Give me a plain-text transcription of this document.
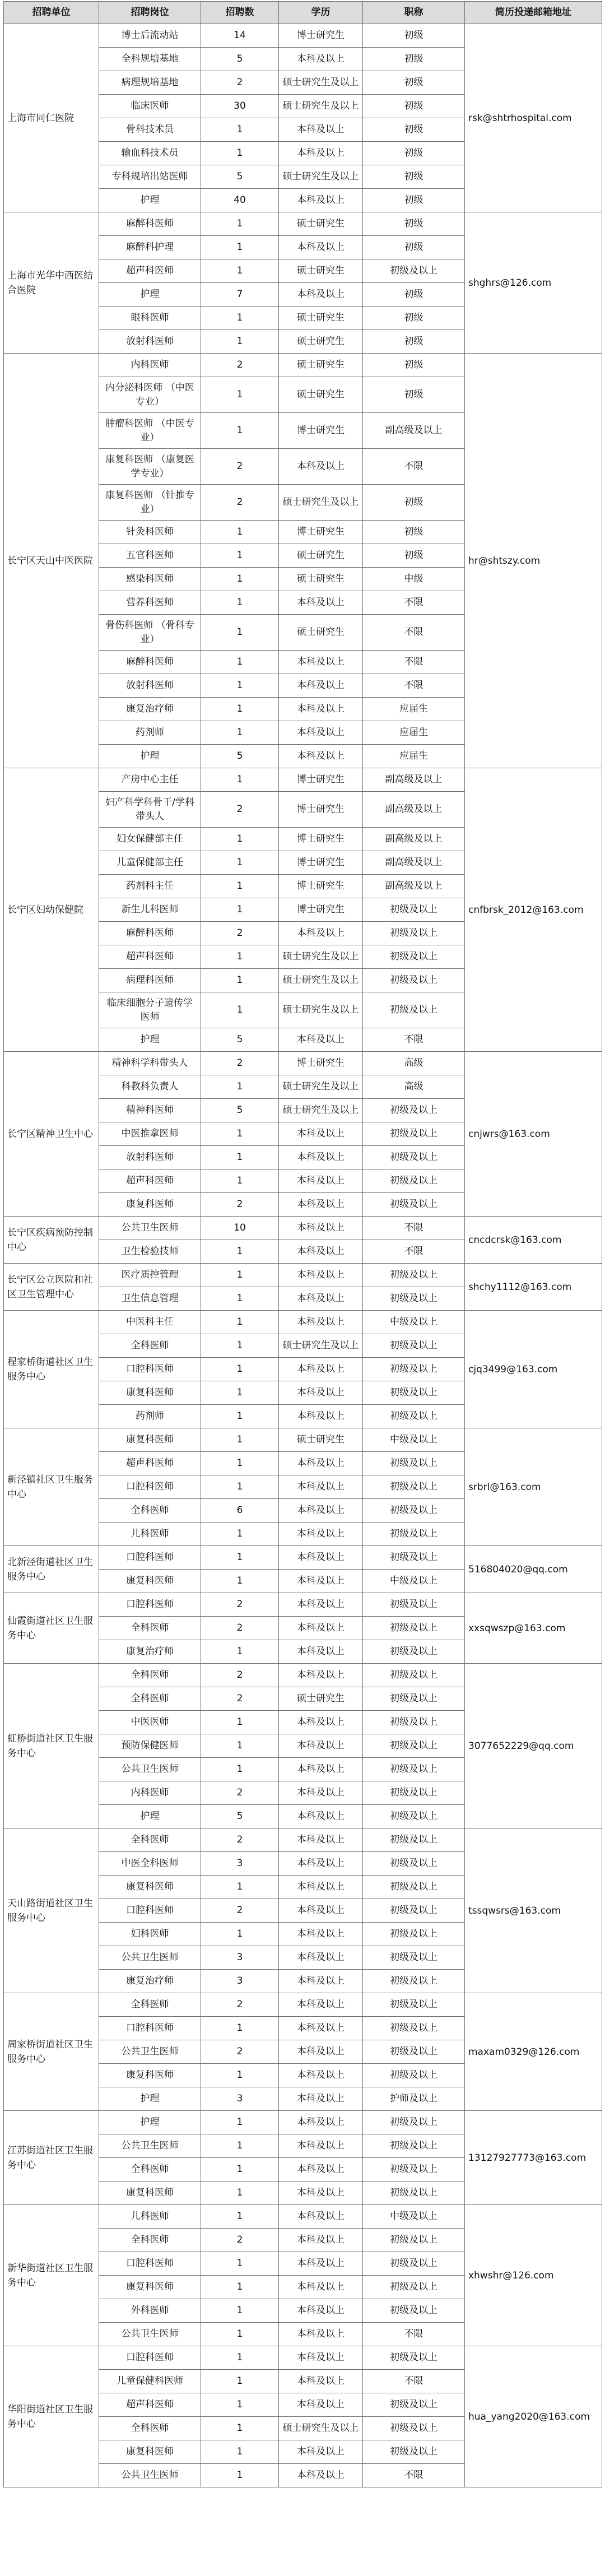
招聘单位	招聘岗位	招聘数	学历	职称	简历投递邮箱地址
上海市同仁医院	博士后流动站	14	博士研究生	初级	rsk@shtrhospital.com
	全科规培基地	5	本科及以上	初级	
	病理规培基地	2	硕士研究生及以上	初级	
	临床医师	30	硕士研究生及以上	初级	
	骨科技术员	1	本科及以上	初级	
	输血科技术员	1	本科及以上	初级	
	专科规培出站医师	5	硕士研究生及以上	初级	
	护理	40	本科及以上	初级	
上海市光华中西医结合医院	麻醉科医师	1	硕士研究生	初级	shghrs@126.com
	麻醉科护理	1	本科及以上	初级	
	超声科医师	1	硕士研究生	初级及以上	
	护理	7	本科及以上	初级	
	眼科医师	1	硕士研究生	初级	
	放射科医师	1	硕士研究生	初级	
长宁区天山中医医院	内科医师	2	硕士研究生	初级	hr@shtszy.com
	内分泌科医师 （中医专业）	1	硕士研究生	初级	
	肿瘤科医师 （中医专业）	1	博士研究生	副高级及以上	
	康复科医师 （康复医学专业）	2	本科及以上	不限	
	康复科医师 （针推专业）	2	硕士研究生及以上	初级	
	针灸科医师	1	博士研究生	初级	
	五官科医师	1	硕士研究生	初级	
	感染科医师	1	硕士研究生	中级	
	营养科医师	1	本科及以上	不限	
	骨伤科医师 （骨科专业）	1	硕士研究生	不限	
	麻醉科医师	1	本科及以上	不限	
	放射科医师	1	本科及以上	不限	
	康复治疗师	1	本科及以上	应届生	
	药剂师	1	本科及以上	应届生	
	护理	5	本科及以上	应届生	
长宁区妇幼保健院	产房中心主任	1	博士研究生	副高级及以上	cnfbrsk_2012@163.com
	妇产科学科骨干/学科带头人	2	博士研究生	副高级及以上	
	妇女保健部主任	1	博士研究生	副高级及以上	
	儿童保健部主任	1	博士研究生	副高级及以上	
	药剂科主任	1	博士研究生	副高级及以上	
	新生儿科医师	1	博士研究生	初级及以上	
	麻醉科医师	2	本科及以上	初级及以上	
	超声科医师	1	硕士研究生及以上	初级及以上	
	病理科医师	1	硕士研究生及以上	初级及以上	
	临床细胞分子遗传学医师	1	硕士研究生及以上	初级及以上	
	护理	5	本科及以上	不限	
长宁区精神卫生中心	精神科学科带头人	2	博士研究生	高级	cnjwrs@163.com
	科教科负责人	1	硕士研究生及以上	高级	
	精神科医师	5	硕士研究生及以上	初级及以上	
	中医推拿医师	1	本科及以上	初级及以上	
	放射科医师	1	本科及以上	初级及以上	
	超声科医师	1	本科及以上	初级及以上	
	康复科医师	2	本科及以上	初级及以上	
长宁区疾病预防控制中心	公共卫生医师	10	本科及以上	不限	cncdcrsk@163.com
	卫生检验技师	1	本科及以上	不限	
长宁区公立医院和社区卫生管理中心	医疗质控管理	1	本科及以上	初级及以上	shchy1112@163.com
	卫生信息管理	1	本科及以上	初级及以上	
程家桥街道社区卫生服务中心	中医科主任	1	本科及以上	中级及以上	cjq3499@163.com
	全科医师	1	硕士研究生及以上	初级及以上	
	口腔科医师	1	本科及以上	初级及以上	
	康复科医师	1	本科及以上	初级及以上	
	药剂师	1	本科及以上	初级及以上	
新泾镇社区卫生服务中心	康复科医师	1	硕士研究生	中级及以上	srbrl@163.com
	超声科医师	1	本科及以上	初级及以上	
	口腔科医师	1	本科及以上	初级及以上	
	全科医师	6	本科及以上	初级及以上	
	儿科医师	1	本科及以上	初级及以上	
北新泾街道社区卫生服务中心	口腔科医师	1	本科及以上	初级及以上	516804020@qq.com
	康复科医师	1	本科及以上	中级及以上	
仙霞街道社区卫生服务中心	口腔科医师	2	本科及以上	初级及以上	xxsqwszp@163.com
	全科医师	2	本科及以上	初级及以上	
	康复治疗师	1	本科及以上	初级及以上	
虹桥街道社区卫生服务中心	全科医师	2	本科及以上	初级及以上	3077652229@qq.com
	全科医师	2	硕士研究生	初级及以上	
	中医医师	1	本科及以上	初级及以上	
	预防保健医师	1	本科及以上	初级及以上	
	公共卫生医师	1	本科及以上	初级及以上	
	内科医师	2	本科及以上	初级及以上	
	护理	5	本科及以上	初级及以上	
天山路街道社区卫生服务中心	全科医师	2	本科及以上	初级及以上	tssqwsrs@163.com
	中医全科医师	3	本科及以上	初级及以上	
	康复科医师	1	本科及以上	初级及以上	
	口腔科医师	2	本科及以上	初级及以上	
	妇科医师	1	本科及以上	初级及以上	
	公共卫生医师	3	本科及以上	初级及以上	
	康复治疗师	3	本科及以上	初级及以上	
周家桥街道社区卫生服务中心	全科医师	2	本科及以上	初级及以上	maxam0329@126.com
	口腔科医师	1	本科及以上	初级及以上	
	公共卫生医师	2	本科及以上	初级及以上	
	康复科医师	1	本科及以上	初级及以上	
	护理	3	本科及以上	护师及以上	
江苏街道社区卫生服务中心	护理	1	本科及以上	初级及以上	13127927773@163.com
	公共卫生医师	1	本科及以上	初级及以上	
	全科医师	1	本科及以上	初级及以上	
	康复科医师	1	本科及以上	初级及以上	
新华街道社区卫生服务中心	儿科医师	1	本科及以上	中级及以上	xhwshr@126.com
	全科医师	2	本科及以上	初级及以上	
	口腔科医师	1	本科及以上	初级及以上	
	康复科医师	1	本科及以上	初级及以上	
	外科医师	1	本科及以上	初级及以上	
	公共卫生医师	1	本科及以上	不限	
华阳街道社区卫生服务中心	口腔科医师	1	本科及以上	初级及以上	hua_yang2020@163.com
	儿童保健科医师	1	本科及以上	不限	
	超声科医师	1	本科及以上	初级及以上	
	全科医师	1	硕士研究生及以上	初级及以上	
	康复科医师	1	本科及以上	初级及以上	
	公共卫生医师	1	本科及以上	不限	
